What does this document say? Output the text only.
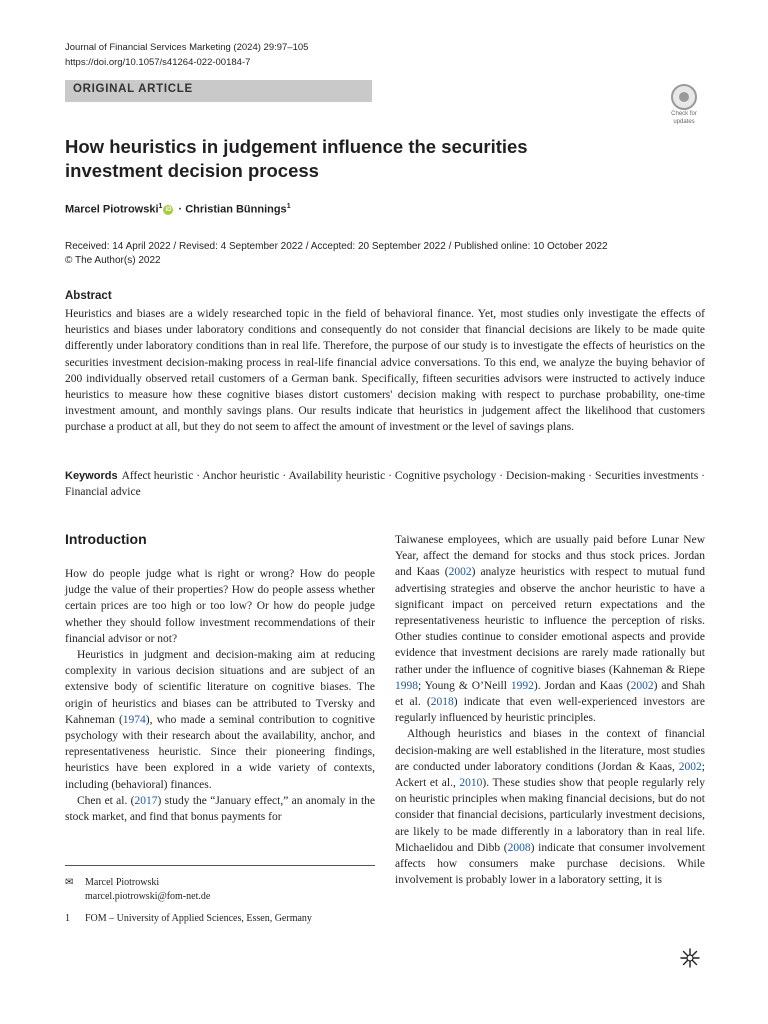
Journal of Financial Services Marketing (2024) 29:97–105
https://doi.org/10.1057/s41264-022-00184-7
ORIGINAL ARTICLE
Check for
updates
How heuristics in judgement influence the securities investment decision process
Marcel Piotrowski$^1$ iD · Christian Bünnings$^1$
Received: 14 April 2022 / Revised: 4 September 2022 / Accepted: 20 September 2022 / Published online: 10 October 2022
© The Author(s) 2022
Abstract
Heuristics and biases are a widely researched topic in the field of behavioral finance. Yet, most studies only investigate the effects of heuristics and biases under laboratory conditions and consequently do not consider that financial decisions are likely to be made quite differently under laboratory conditions than in real life. Therefore, the purpose of our study is to investigate the effects of heuristics on the securities investment decision-making process in real-life financial advice conversations. To this end, we analyze the buying behavior of 200 individually observed retail customers of a German bank. Specifically, fifteen securities advisors were instructed to actively induce heuristics to measure how these cognitive biases distort customers' decision making with respect to purchase probability, one-time investment amount, and monthly savings plans. Our results indicate that heuristics in judgement affect the likelihood that customers purchase a product at all, but they do not seem to affect the amount of investment or the level of savings plans.
Keywords Affect heuristic · Anchor heuristic · Availability heuristic · Cognitive psychology · Decision-making · Securities investments · Financial advice
Introduction

How do people judge what is right or wrong? How do people judge the value of their properties? How do people assess whether certain prices are too high or too low? Or how do people judge whether they should follow investment recommendations of their financial advisor or not?

Heuristics in judgment and decision-making aim at reducing complexity in various decision situations and are subject of an extensive body of scientific literature on cognitive biases. The origin of heuristics and biases can be attributed to Tversky and Kahneman (1974), who made a seminal contribution to cognitive psychology with their research about the availability, anchor, and representativeness heuristic. Since their pioneering findings, heuristics have been explored in a wide variety of contexts, including (behavioral) finances.

Chen et al. (2017) study the “January effect,” an anomaly in the stock market, and find that bonus payments for

Taiwanese employees, which are usually paid before Lunar New Year, affect the demand for stocks and thus stock prices. Jordan and Kaas (2002) analyze heuristics with respect to mutual fund advertising strategies and observe the anchor heuristic to have a significant impact on perceived return expectations and the representativeness heuristic to influence the perception of risks. Other studies continue to consider emotional aspects and provide evidence that investment decisions are rarely made rationally but rather under the influence of cognitive biases (Kahneman & Riepe 1998; Young & O’Neill 1992). Jordan and Kaas (2002) and Shah et al. (2018) indicate that even well-experienced investors are regularly influenced by heuristic principles.

Although heuristics and biases in the context of financial decision-making are well established in the literature, most studies are conducted under laboratory conditions (Jordan & Kaas, 2002; Ackert et al., 2010). These studies show that people regularly rely on heuristic principles when making financial decisions, but do not consider that financial decisions, particularly investment decisions, are likely to be made differently in a laboratory than in real life. Michaelidou and Dibb (2008) indicate that consumer involvement affects how consumers make purchase decisions. While involvement is probably lower in a laboratory setting, it is

✉	Marcel Piotrowski
marcel.piotrowski@fom-net.de
1	FOM – University of Applied Sciences, Essen, Germany
